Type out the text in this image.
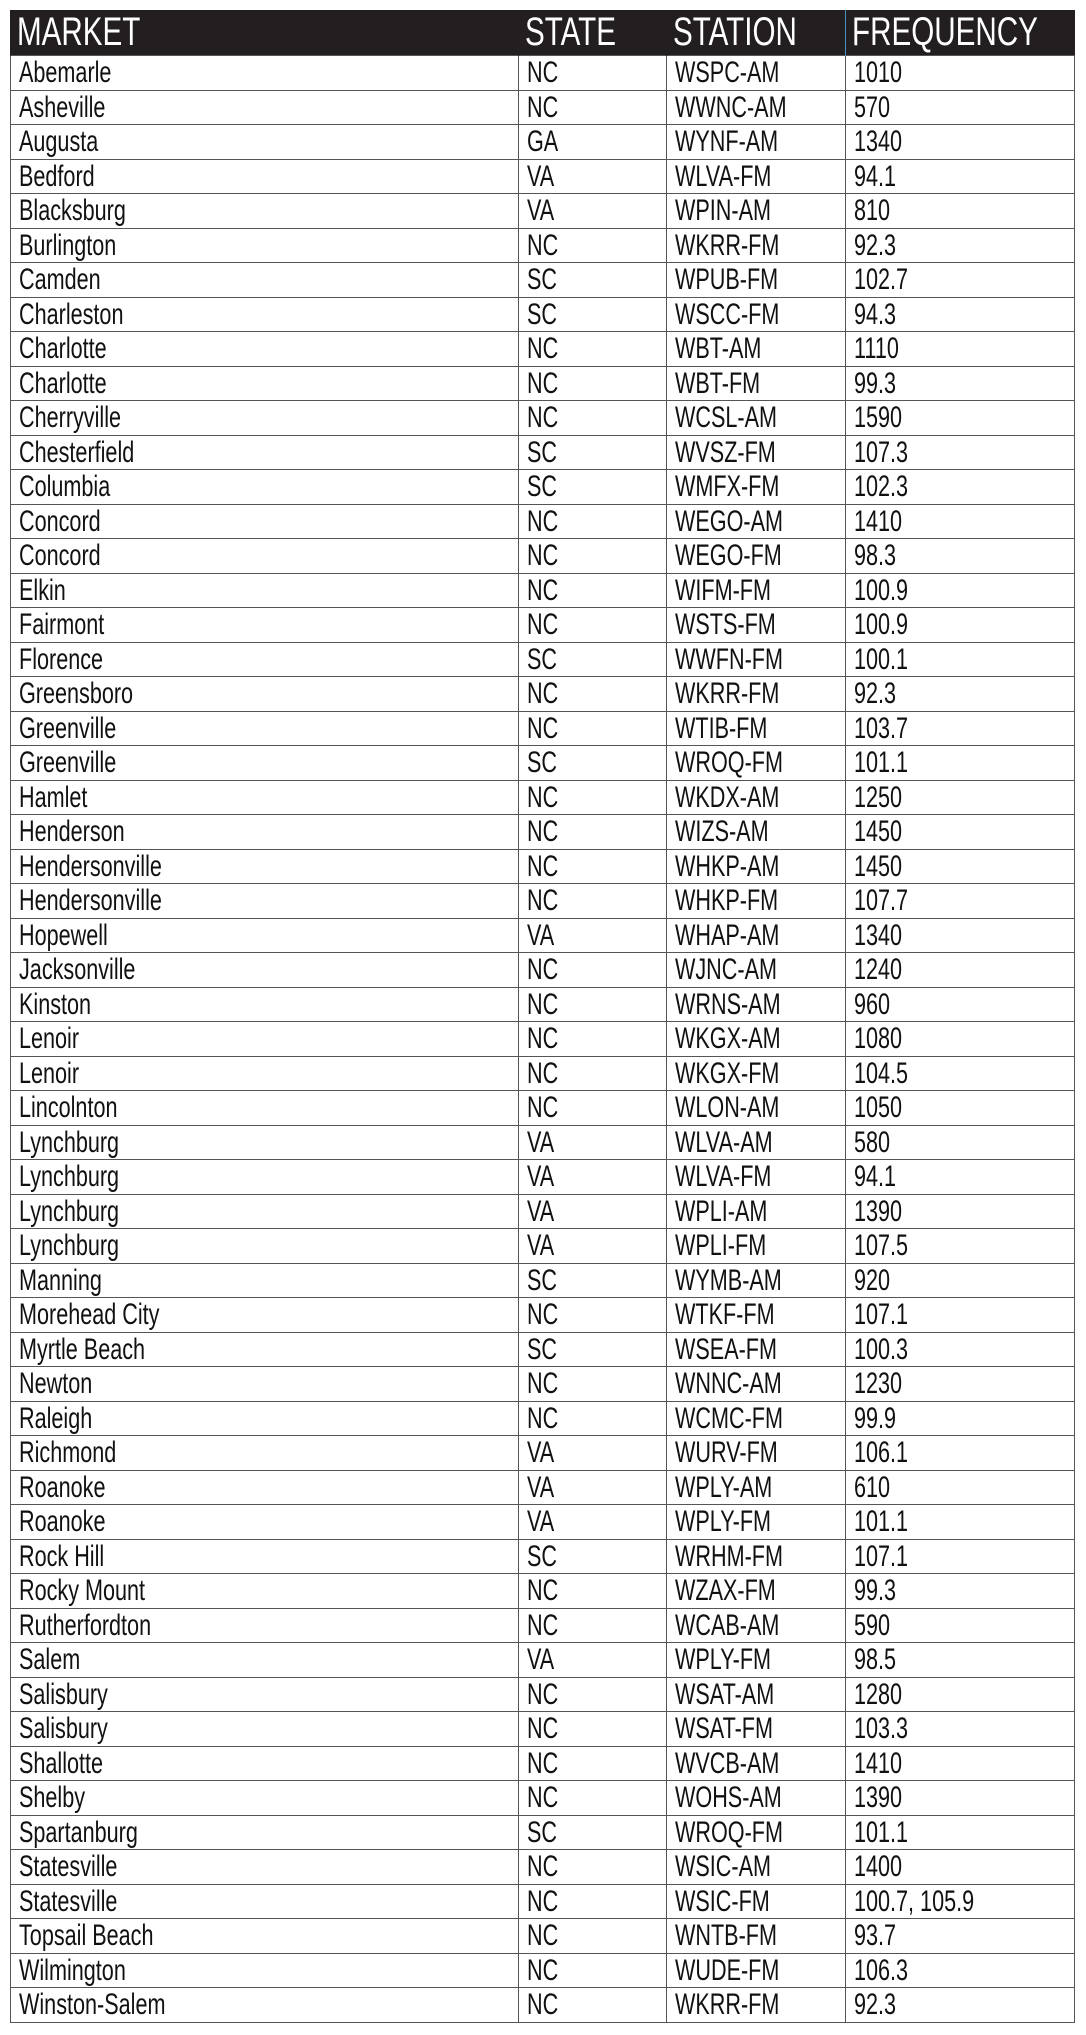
MARKET	STATE	STATION	FREQUENCY
Abemarle	NC	WSPC-AM	1010
Asheville	NC	WWNC-AM	570
Augusta	GA	WYNF-AM	1340
Bedford	VA	WLVA-FM	94.1
Blacksburg	VA	WPIN-AM	810
Burlington	NC	WKRR-FM	92.3
Camden	SC	WPUB-FM	102.7
Charleston	SC	WSCC-FM	94.3
Charlotte	NC	WBT-AM	1110
Charlotte	NC	WBT-FM	99.3
Cherryville	NC	WCSL-AM	1590
Chesterfield	SC	WVSZ-FM	107.3
Columbia	SC	WMFX-FM	102.3
Concord	NC	WEGO-AM	1410
Concord	NC	WEGO-FM	98.3
Elkin	NC	WIFM-FM	100.9
Fairmont	NC	WSTS-FM	100.9
Florence	SC	WWFN-FM	100.1
Greensboro	NC	WKRR-FM	92.3
Greenville	NC	WTIB-FM	103.7
Greenville	SC	WROQ-FM	101.1
Hamlet	NC	WKDX-AM	1250
Henderson	NC	WIZS-AM	1450
Hendersonville	NC	WHKP-AM	1450
Hendersonville	NC	WHKP-FM	107.7
Hopewell	VA	WHAP-AM	1340
Jacksonville	NC	WJNC-AM	1240
Kinston	NC	WRNS-AM	960
Lenoir	NC	WKGX-AM	1080
Lenoir	NC	WKGX-FM	104.5
Lincolnton	NC	WLON-AM	1050
Lynchburg	VA	WLVA-AM	580
Lynchburg	VA	WLVA-FM	94.1
Lynchburg	VA	WPLI-AM	1390
Lynchburg	VA	WPLI-FM	107.5
Manning	SC	WYMB-AM	920
Morehead City	NC	WTKF-FM	107.1
Myrtle Beach	SC	WSEA-FM	100.3
Newton	NC	WNNC-AM	1230
Raleigh	NC	WCMC-FM	99.9
Richmond	VA	WURV-FM	106.1
Roanoke	VA	WPLY-AM	610
Roanoke	VA	WPLY-FM	101.1
Rock Hill	SC	WRHM-FM	107.1
Rocky Mount	NC	WZAX-FM	99.3
Rutherfordton	NC	WCAB-AM	590
Salem	VA	WPLY-FM	98.5
Salisbury	NC	WSAT-AM	1280
Salisbury	NC	WSAT-FM	103.3
Shallotte	NC	WVCB-AM	1410
Shelby	NC	WOHS-AM	1390
Spartanburg	SC	WROQ-FM	101.1
Statesville	NC	WSIC-AM	1400
Statesville	NC	WSIC-FM	100.7, 105.9
Topsail Beach	NC	WNTB-FM	93.7
Wilmington	NC	WUDE-FM	106.3
Winston-Salem	NC	WKRR-FM	92.3
